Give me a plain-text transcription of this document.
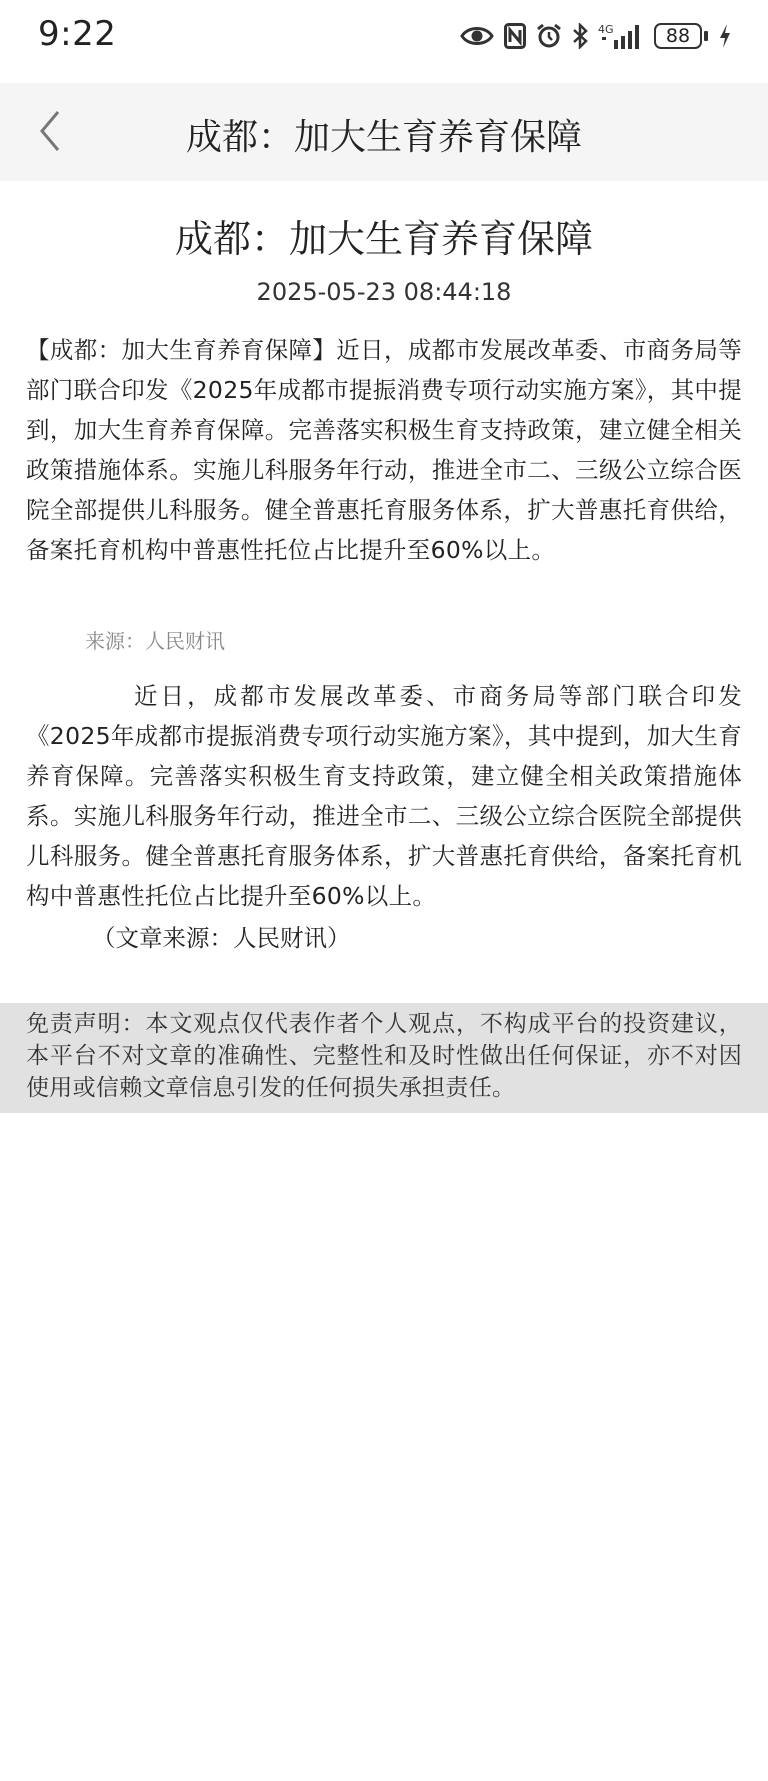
9:22	4G	88
成都：加大生育养育保障
成都：加大生育养育保障
2025-05-23 08:44:18
【成都：加大生育养育保障】近日，成都市发展改革委、市商务局等部门联合印发《2025年成都市提振消费专项行动实施方案》，其中提到，加大生育养育保障。完善落实积极生育支持政策，建立健全相关政策措施体系。实施儿科服务年行动，推进全市二、三级公立综合医院全部提供儿科服务。健全普惠托育服务体系，扩大普惠托育供给，备案托育机构中普惠性托位占比提升至60%以上。
来源：人民财讯
近日，成都市发展改革委、市商务局等部门联合印发《2025年成都市提振消费专项行动实施方案》，其中提到，加大生育养育保障。完善落实积极生育支持政策，建立健全相关政策措施体系。实施儿科服务年行动，推进全市二、三级公立综合医院全部提供儿科服务。健全普惠托育服务体系，扩大普惠托育供给，备案托育机构中普惠性托位占比提升至60%以上。
（文章来源：人民财讯）
免责声明：本文观点仅代表作者个人观点，不构成平台的投资建议，本平台不对文章的准确性、完整性和及时性做出任何保证，亦不对因使用或信赖文章信息引发的任何损失承担责任。
